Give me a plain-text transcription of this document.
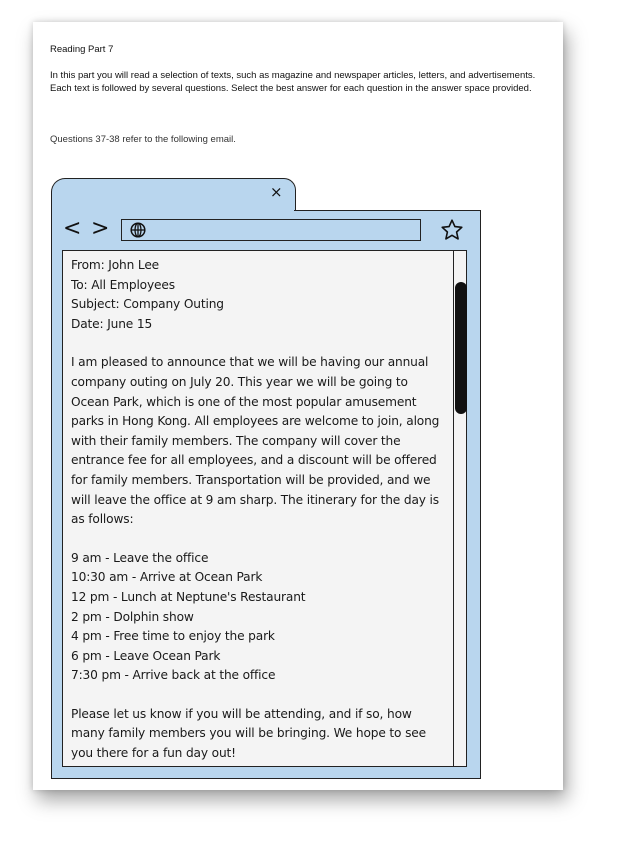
Reading Part 7

In this part you will read a selection of texts, such as magazine and newspaper articles, letters, and advertisements. Each text is followed by several questions. Select the best answer for each question in the answer space provided.

Questions 37-38 refer to the following email.
×
< >

From: John Lee

To: All Employees

Subject: Company Outing

Date: June 15

I am pleased to announce that we will be having our annual

company outing on July 20. This year we will be going to

Ocean Park, which is one of the most popular amusement

parks in Hong Kong. All employees are welcome to join, along

with their family members. The company will cover the

entrance fee for all employees, and a discount will be offered

for family members. Transportation will be provided, and we

will leave the office at 9 am sharp. The itinerary for the day is

as follows:

9 am - Leave the office

10:30 am - Arrive at Ocean Park

12 pm - Lunch at Neptune's Restaurant

2 pm - Dolphin show

4 pm - Free time to enjoy the park

6 pm - Leave Ocean Park

7:30 pm - Arrive back at the office

Please let us know if you will be attending, and if so, how

many family members you will be bringing. We hope to see

you there for a fun day out!
